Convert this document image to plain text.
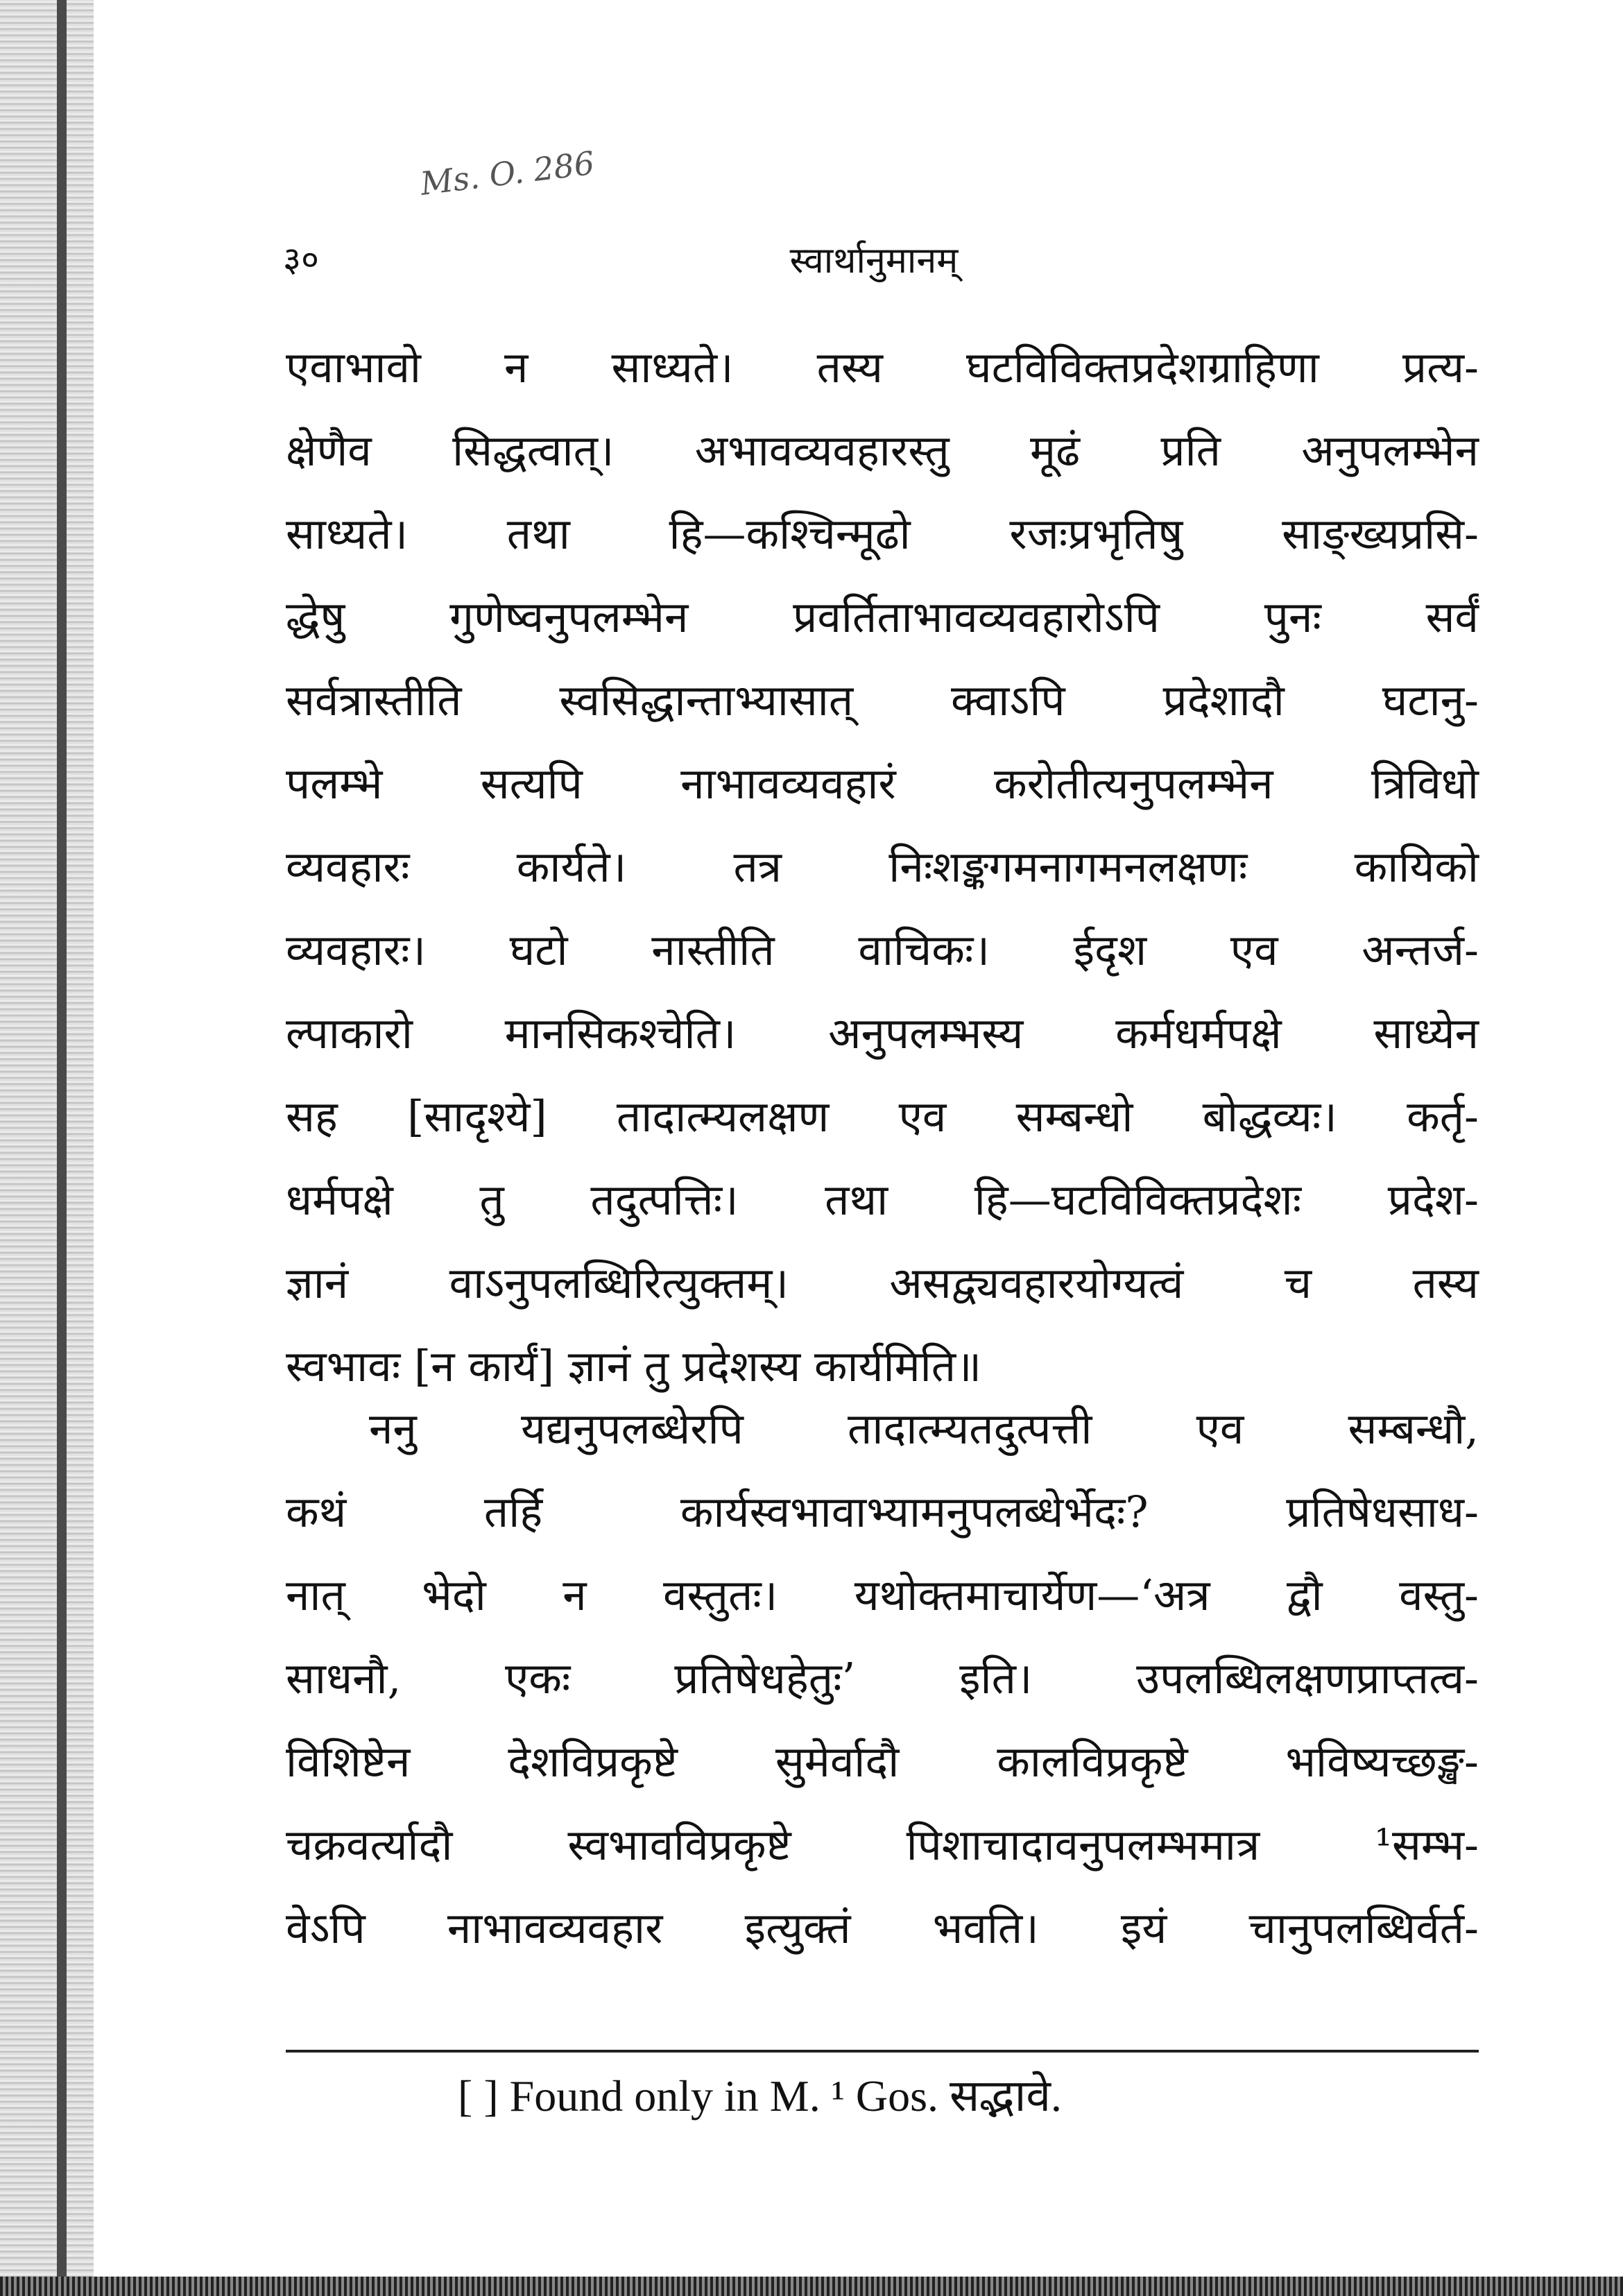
Ms. O. 286
३०	स्वार्थानुमानम्
एवाभावो न साध्यते। तस्य घटविविक्तप्रदेशग्राहिणा प्रत्य-
क्षेणैव सिद्धत्वात्। अभावव्यवहारस्तु मूढं प्रति अनुपलम्भेन
साध्यते। तथा हि—कश्चिन्मूढो रजःप्रभृतिषु साङ्ख्यप्रसि-
द्धेषु गुणेष्वनुपलम्भेन प्रवर्तिताभावव्यवहारोऽपि पुनः सर्वं
सर्वत्रास्तीति स्वसिद्धान्ताभ्यासात् क्वाऽपि प्रदेशादौ घटानु-
पलम्भे सत्यपि नाभावव्यवहारं करोतीत्यनुपलम्भेन त्रिविधो
व्यवहारः कार्यते। तत्र निःशङ्कगमनागमनलक्षणः कायिको
व्यवहारः। घटो नास्तीति वाचिकः। ईदृश एव अन्तर्ज-
ल्पाकारो मानसिकश्चेति। अनुपलम्भस्य कर्मधर्मपक्षे साध्येन
सह [सादृश्ये] तादात्म्यलक्षण एव सम्बन्धो बोद्धव्यः। कर्तृ-
धर्मपक्षे तु तदुत्पत्तिः। तथा हि—घटविविक्तप्रदेशः प्रदेश-
ज्ञानं वाऽनुपलब्धिरित्युक्तम्। असद्व्यवहारयोग्यत्वं च तस्य
स्वभावः [न कार्यं] ज्ञानं तु प्रदेशस्य कार्यमिति॥
ननु यद्यनुपलब्धेरपि तादात्म्यतदुत्पत्ती एव सम्बन्धौ,
कथं तर्हि कार्यस्वभावाभ्यामनुपलब्धेर्भेदः? प्रतिषेधसाध-
नात् भेदो न वस्तुतः। यथोक्तमाचार्येण—‘अत्र द्वौ वस्तु-
साधनौ, एकः प्रतिषेधहेतुः’ इति। उपलब्धिलक्षणप्राप्तत्व-
विशिष्टेन देशविप्रकृष्टे सुमेर्वादौ कालविप्रकृष्टे भविष्यच्छङ्ख-
चक्रवर्त्यादौ स्वभावविप्रकृष्टे पिशाचादावनुपलम्भमात्र ¹सम्भ-
वेऽपि नाभावव्यवहार इत्युक्तं भवति। इयं चानुपलब्धिर्वर्त-
[ ] Found only in M. ¹ Gos. सद्भावे.
